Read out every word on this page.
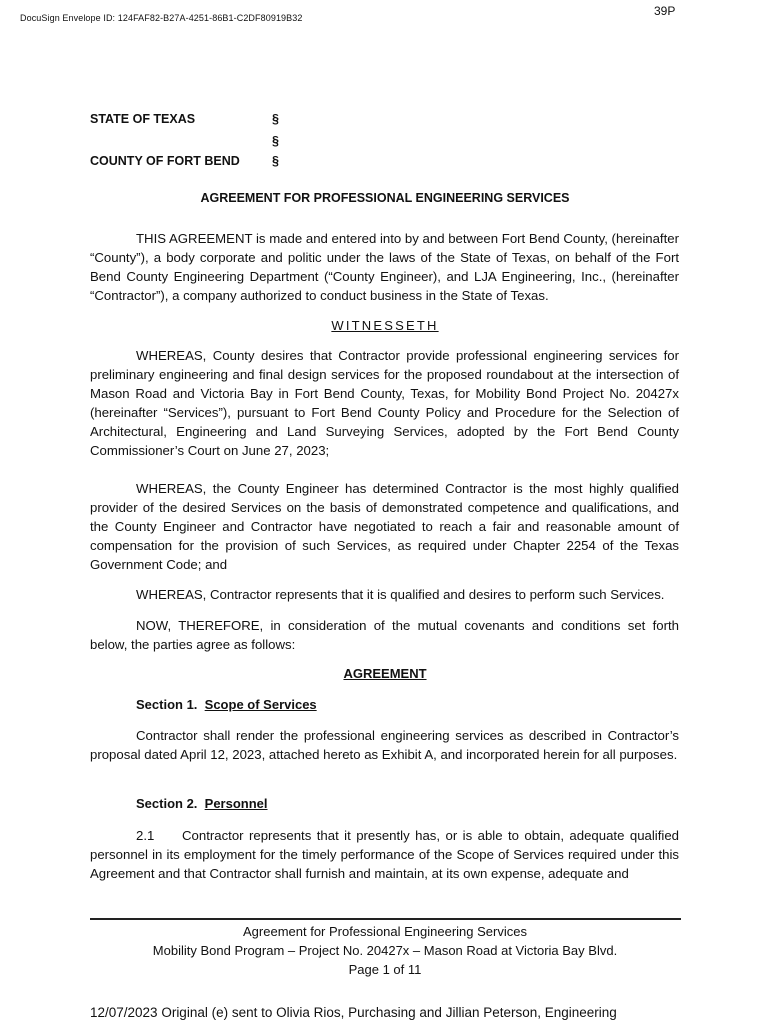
DocuSign Envelope ID: 124FAF82-B27A-4251-86B1-C2DF80919B32	39P
STATE OF TEXAS	§
§
COUNTY OF FORT BEND	§
AGREEMENT FOR PROFESSIONAL ENGINEERING SERVICES

THIS AGREEMENT is made and entered into by and between Fort Bend County, (hereinafter “County”), a body corporate and politic under the laws of the State of Texas, on behalf of the Fort Bend County Engineering Department (“County Engineer), and LJA Engineering, Inc., (hereinafter “Contractor”), a company authorized to conduct business in the State of Texas.

WITNESSETH

WHEREAS, County desires that Contractor provide professional engineering services for preliminary engineering and final design services for the proposed roundabout at the intersection of Mason Road and Victoria Bay in Fort Bend County, Texas, for Mobility Bond Project No. 20427x (hereinafter “Services”), pursuant to Fort Bend County Policy and Procedure for the Selection of Architectural, Engineering and Land Surveying Services, adopted by the Fort Bend County Commissioner’s Court on June 27, 2023;

WHEREAS, the County Engineer has determined Contractor is the most highly qualified provider of the desired Services on the basis of demonstrated competence and qualifications, and the County Engineer and Contractor have negotiated to reach a fair and reasonable amount of compensation for the provision of such Services, as required under Chapter 2254 of the Texas Government Code; and

WHEREAS, Contractor represents that it is qualified and desires to perform such Services.

NOW, THEREFORE, in consideration of the mutual covenants and conditions set forth below, the parties agree as follows:

AGREEMENT
Section 1. Scope of Services

Contractor shall render the professional engineering services as described in Contractor’s proposal dated April 12, 2023, attached hereto as Exhibit A, and incorporated herein for all purposes.

Section 2. Personnel

2.1 Contractor represents that it presently has, or is able to obtain, adequate qualified personnel in its employment for the timely performance of the Scope of Services required under this Agreement and that Contractor shall furnish and maintain, at its own expense, adequate and

Agreement for Professional Engineering Services
Mobility Bond Program – Project No. 20427x – Mason Road at Victoria Bay Blvd.
Page 1 of 11
12/07/2023 Original (e) sent to Olivia Rios, Purchasing and Jillian Peterson, Engineering
